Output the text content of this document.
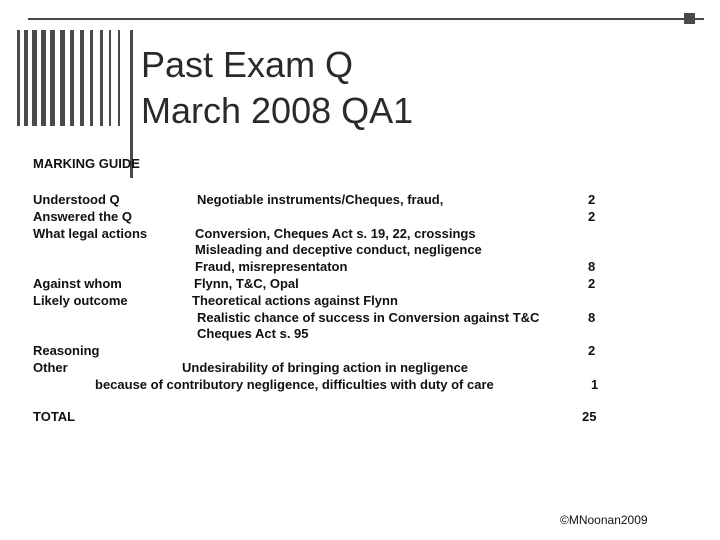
Past Exam Q
March 2008 QA1
MARKING GUIDE
Understood Q
Answered the Q
What legal actions
Against whom
Likely outcome
Reasoning
Other
TOTAL
Negotiable instruments/Cheques, fraud,
Conversion, Cheques Act s. 19, 22, crossings
Misleading and deceptive conduct, negligence
Fraud, misrepresentaton
Flynn, T&C, Opal
Theoretical actions against Flynn
Realistic chance of success in Conversion against T&C
Cheques Act s. 95
Undesirability of bringing action in negligence
because of contributory negligence, difficulties with duty of care
2
2
8
2
8
2
1
25
©MNoonan2009
